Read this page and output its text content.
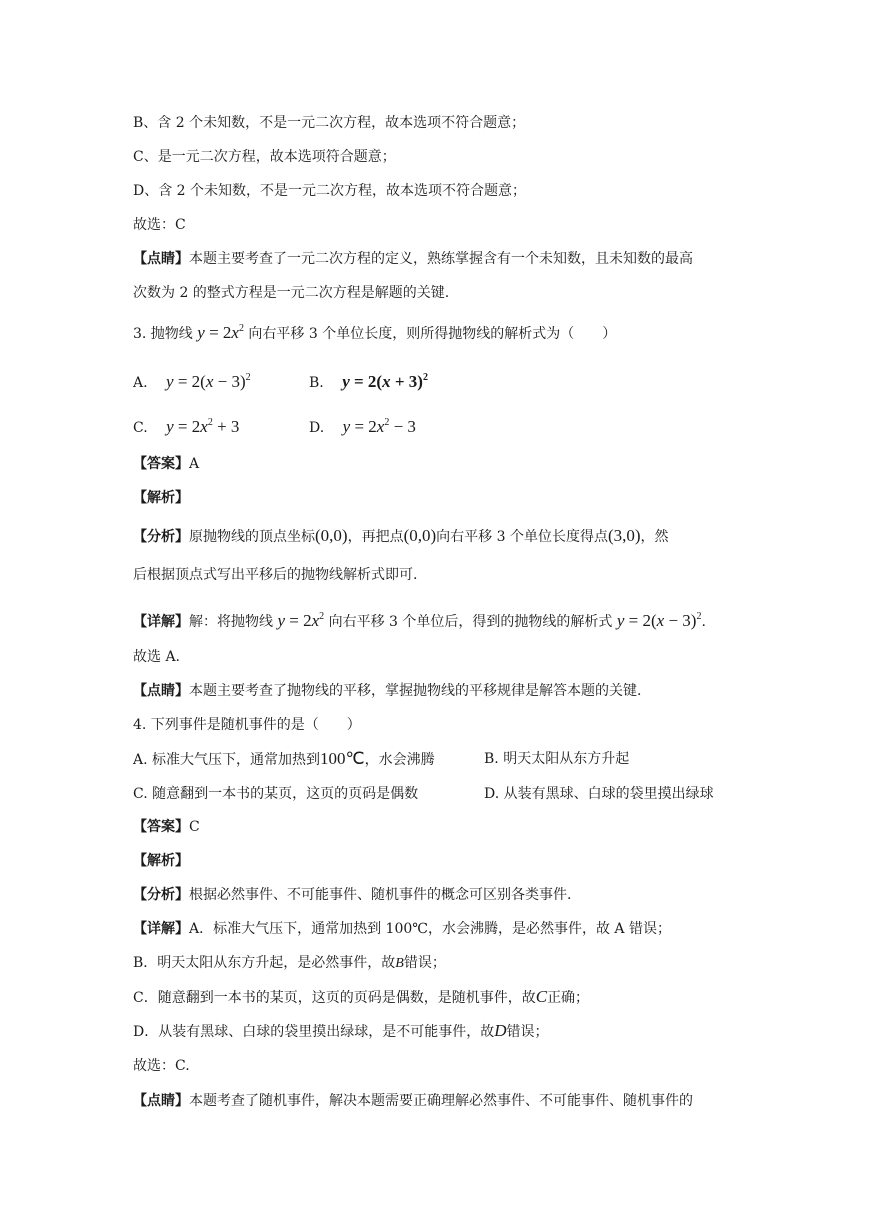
B、含 2 个未知数，不是一元二次方程，故本选项不符合题意；
C、是一元二次方程，故本选项符合题意；
D、含 2 个未知数，不是一元二次方程，故本选项不符合题意；
故选：C
【点睛】本题主要考查了一元二次方程的定义，熟练掌握含有一个未知数，且未知数的最高
次数为 2 的整式方程是一元二次方程是解题的关键.
3. 抛物线 $y = 2x^2$ 向右平移 3 个单位长度，则所得抛物线的解析式为（　　）
A. $y = 2(x - 3)^2$	B. $y = 2(x + 3)^2$
C. $y = 2x^2 + 3$	D. $y = 2x^2 - 3$
【答案】A
【解析】
【分析】原抛物线的顶点坐标(0,0)，再把点(0,0)向右平移 3 个单位长度得点(3,0)，然
后根据顶点式写出平移后的抛物线解析式即可.
【详解】解：将抛物线 $y = 2x^2$ 向右平移 3 个单位后，得到的抛物线的解析式 $y = 2(x - 3)^2$.
故选 A.
【点睛】本题主要考查了抛物线的平移，掌握抛物线的平移规律是解答本题的关键.
4. 下列事件是随机事件的是（　　）
A. 标准大气压下，通常加热到100℃，水会沸腾	B. 明天太阳从东方升起
C. 随意翻到一本书的某页，这页的页码是偶数	D. 从装有黑球、白球的袋里摸出绿球
【答案】C
【解析】
【分析】根据必然事件、不可能事件、随机事件的概念可区别各类事件.
【详解】A．标准大气压下，通常加热到 100℃，水会沸腾，是必然事件，故 A 错误；
B．明天太阳从东方升起，是必然事件，故B错误；
C．随意翻到一本书的某页，这页的页码是偶数，是随机事件，故C正确；
D．从装有黑球、白球的袋里摸出绿球，是不可能事件，故D错误；
故选：C.
【点睛】本题考查了随机事件，解决本题需要正确理解必然事件、不可能事件、随机事件的
